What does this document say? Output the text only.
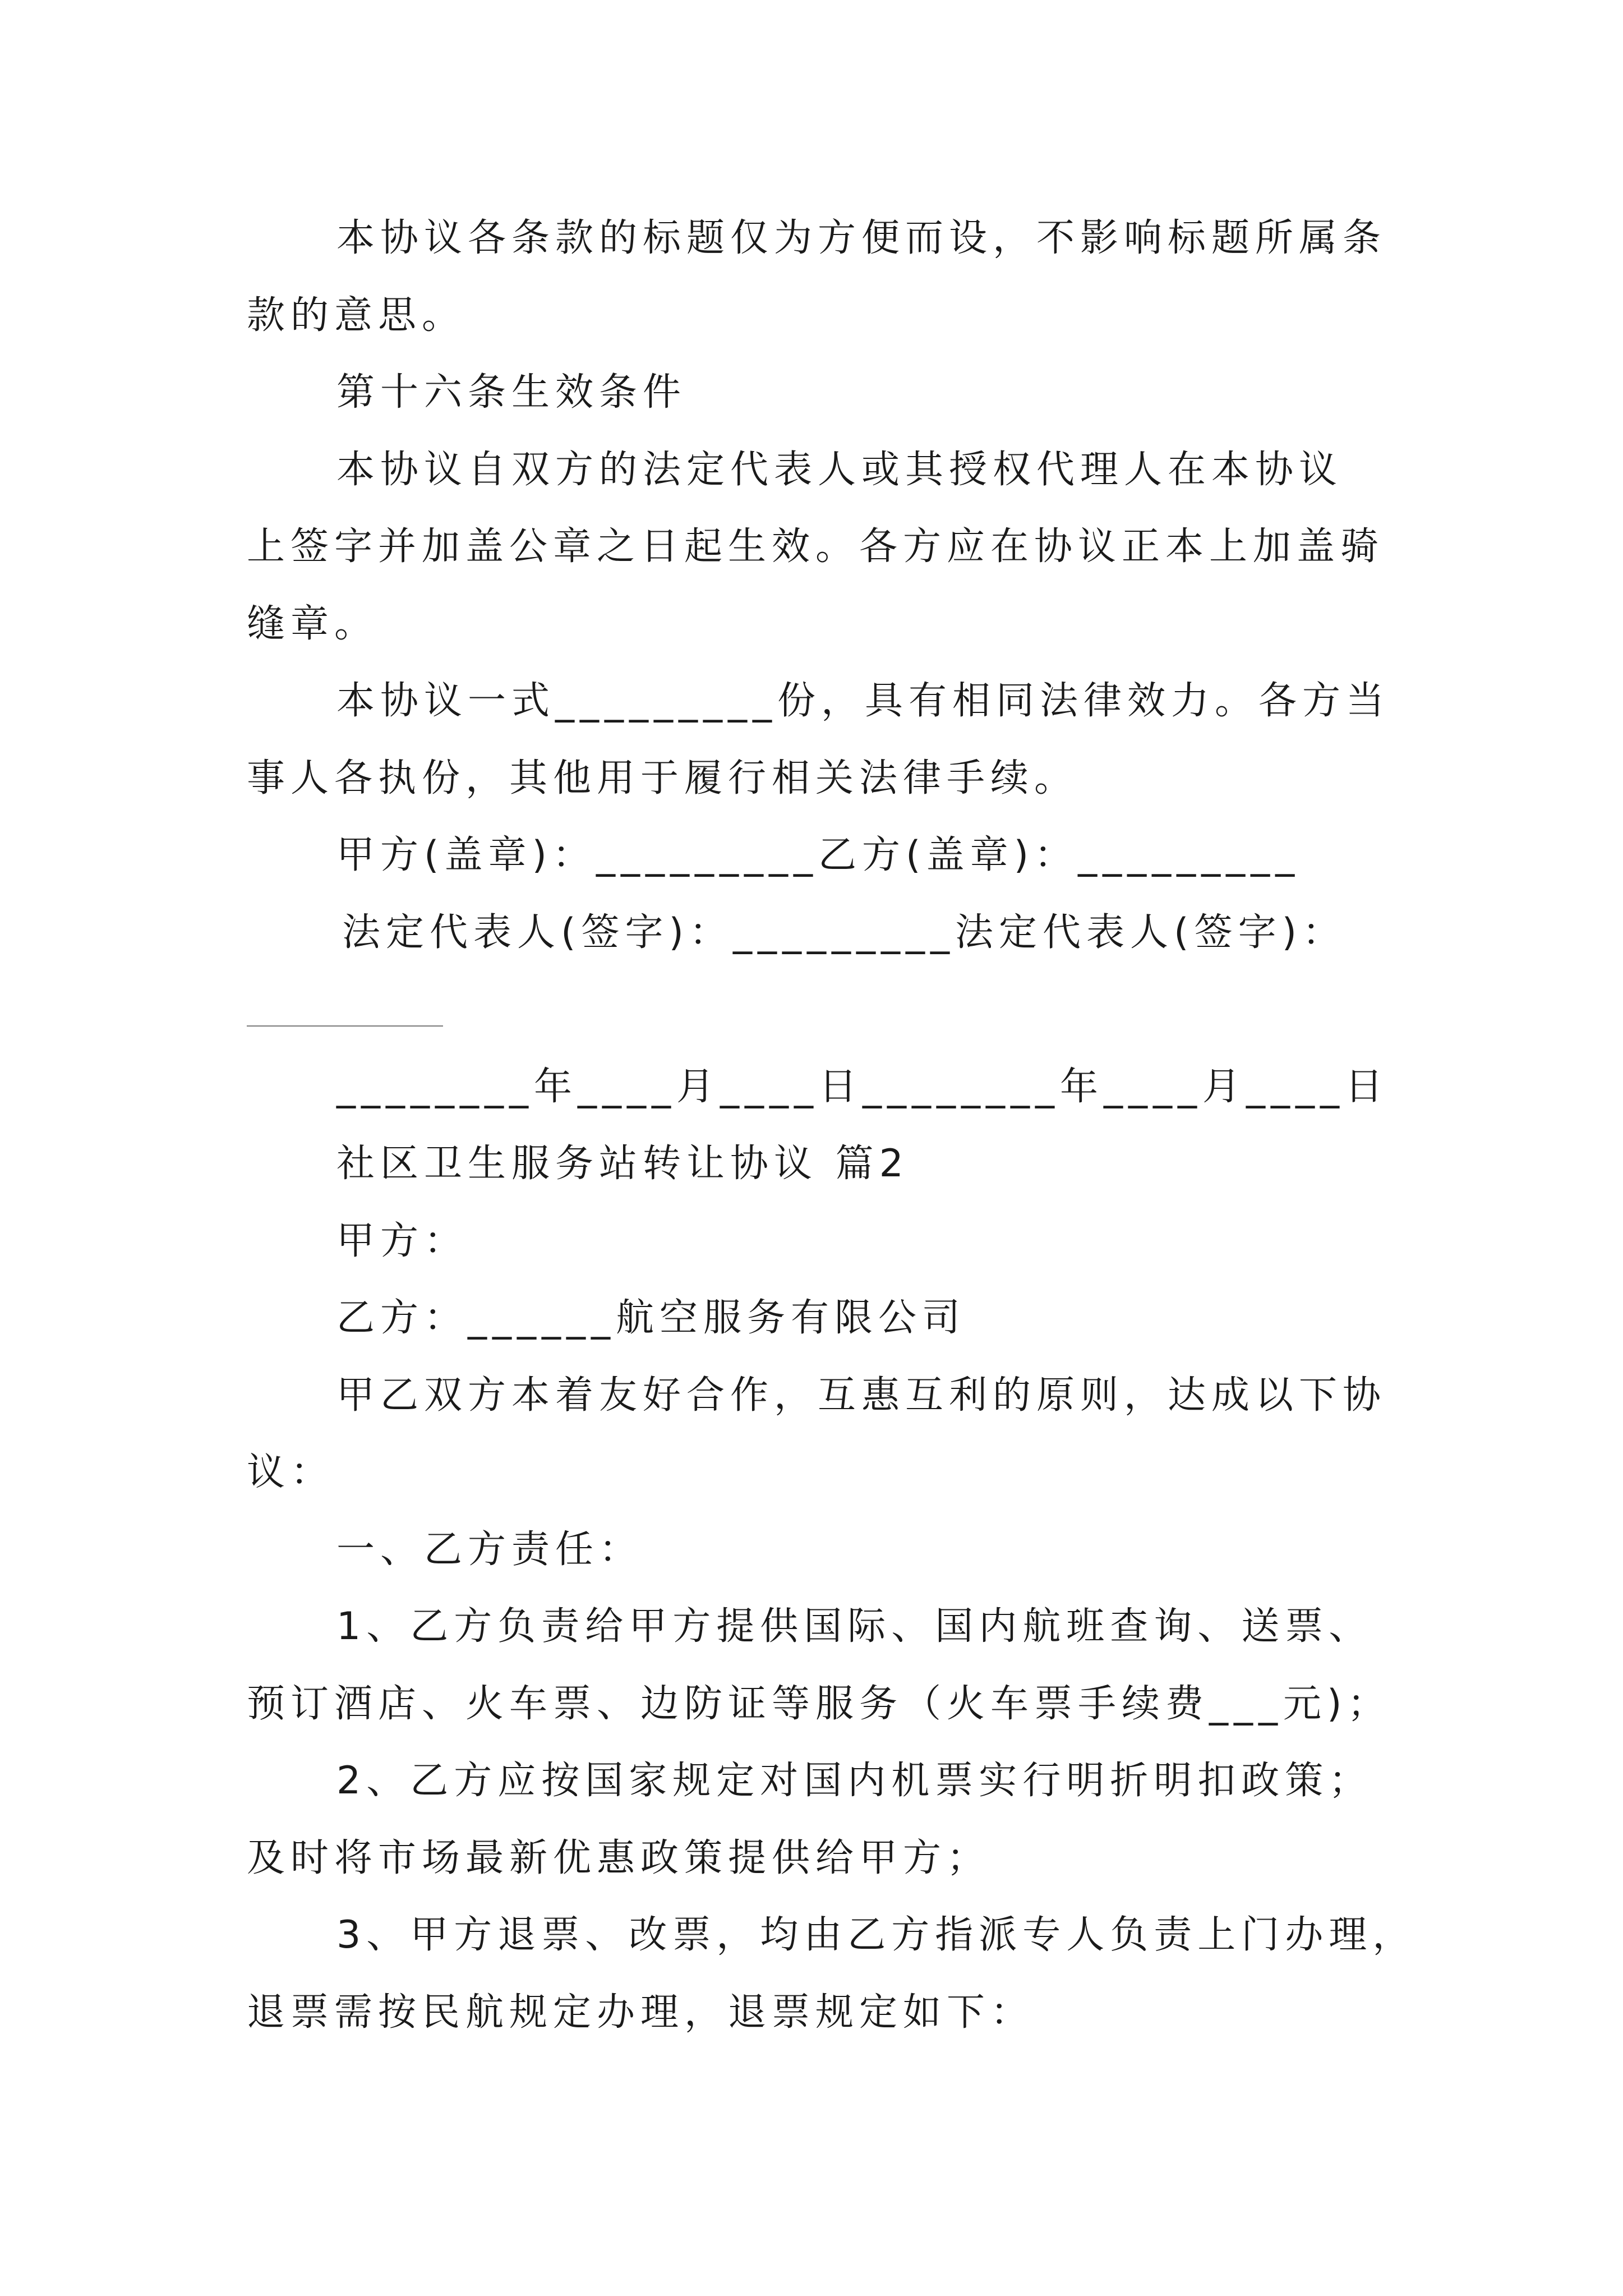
本协议各条款的标题仅为方便而设，不影响标题所属条

款的意思。

第十六条生效条件

本协议自双方的法定代表人或其授权代理人在本协议

上签字并加盖公章之日起生效。各方应在协议正本上加盖骑

缝章。

本协议一式_________份，具有相同法律效力。各方当

事人各执份，其他用于履行相关法律手续。

甲方(盖章)：_________乙方(盖章)：_________

法定代表人(签字)：_________法定代表人(签字)：

________年____月____日________年____月____日

社区卫生服务站转让协议 篇2

甲方：

乙方：______航空服务有限公司

甲乙双方本着友好合作，互惠互利的原则，达成以下协

议：

一、乙方责任：

1、乙方负责给甲方提供国际、国内航班查询、送票、

预订酒店、火车票、边防证等服务（火车票手续费___元)；

2、乙方应按国家规定对国内机票实行明折明扣政策；

及时将市场最新优惠政策提供给甲方；

3、甲方退票、改票，均由乙方指派专人负责上门办理，

退票需按民航规定办理，退票规定如下：
